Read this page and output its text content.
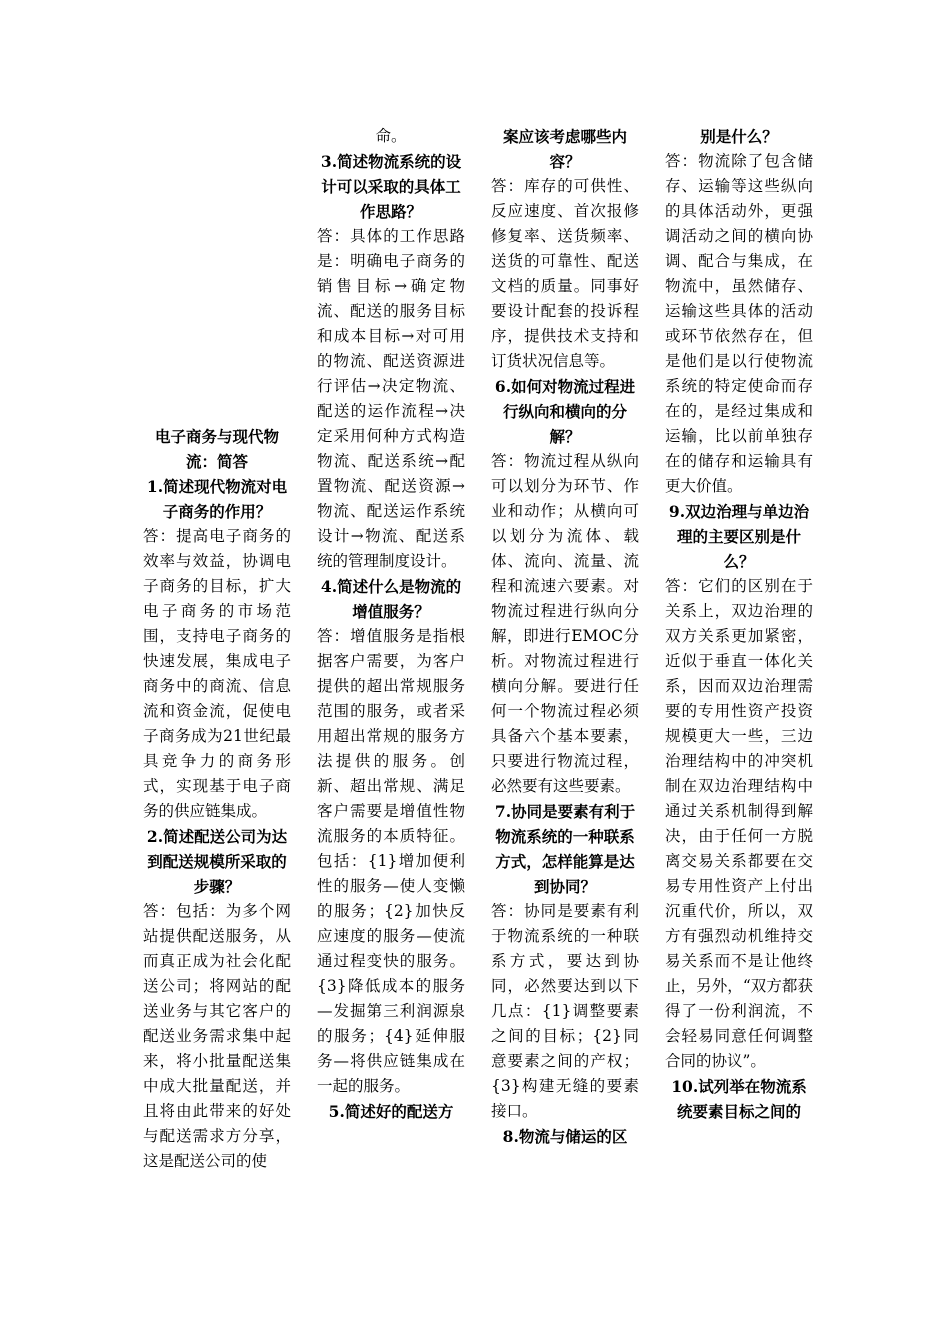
电子商务与现代物流：简答

1.简述现代物流对电子商务的作用？

答：提高电子商务的效率与效益，协调电子商务的目标，扩大电子商务的市场范围，支持电子商务的快速发展，集成电子商务中的商流、信息流和资金流，促使电子商务成为21世纪最具竞争力的商务形式，实现基于电子商务的供应链集成。

2.简述配送公司为达到配送规模所采取的步骤？

答：包括：为多个网站提供配送服务，从而真正成为社会化配送公司；将网站的配送业务与其它客户的配送业务需求集中起来，将小批量配送集中成大批量配送，并且将由此带来的好处与配送需求方分享，这是配送公司的使

命。

3.简述物流系统的设计可以采取的具体工作思路？

答：具体的工作思路是：明确电子商务的销售目标→确定物流、配送的服务目标和成本目标→对可用的物流、配送资源进行评估→决定物流、配送的运作流程→决定采用何种方式构造物流、配送系统→配置物流、配送资源→物流、配送运作系统设计→物流、配送系统的管理制度设计。

4.简述什么是物流的增值服务？

答：增值服务是指根据客户需要，为客户提供的超出常规服务范围的服务，或者采用超出常规的服务方法提供的服务。创新、超出常规、满足客户需要是增值性物流服务的本质特征。包括：{1}增加便利性的服务—使人变懒的服务；{2}加快反应速度的服务—使流通过程变快的服务。{3}降低成本的服务—发掘第三利润源泉的服务；{4}延伸服务—将供应链集成在一起的服务。

5.简述好的配送方

案应该考虑哪些内容？

答：库存的可供性、反应速度、首次报修修复率、送货频率、送货的可靠性、配送文档的质量。同事好要设计配套的投诉程序，提供技术支持和订货状况信息等。

6.如何对物流过程进行纵向和横向的分解？

答：物流过程从纵向可以划分为环节、作业和动作；从横向可以划分为流体、载体、流向、流量、流程和流速六要素。对物流过程进行纵向分解，即进行EMOC分析。对物流过程进行横向分解。要进行任何一个物流过程必须具备六个基本要素，只要进行物流过程，必然要有这些要素。

7.协同是要素有利于物流系统的一种联系方式，怎样能算是达到协同？

答：协同是要素有利于物流系统的一种联系方式，要达到协同，必然要达到以下几点：{1}调整要素之间的目标；{2}同意要素之间的产权；{3}构建无缝的要素接口。

8.物流与储运的区

别是什么？

答：物流除了包含储存、运输等这些纵向的具体活动外，更强调活动之间的横向协调、配合与集成，在物流中，虽然储存、运输这些具体的活动或环节依然存在，但是他们是以行使物流系统的特定使命而存在的，是经过集成和运输，比以前单独存在的储存和运输具有更大价值。

9.双边治理与单边治理的主要区别是什么？

答：它们的区别在于关系上，双边治理的双方关系更加紧密，近似于垂直一体化关系，因而双边治理需要的专用性资产投资规模更大一些，三边治理结构中的冲突机制在双边治理结构中通过关系机制得到解决，由于任何一方脱离交易关系都要在交易专用性资产上付出沉重代价，所以，双方有强烈动机维持交易关系而不是让他终止，另外，“双方都获得了一份利润流，不会轻易同意任何调整合同的协议”。

10.试列举在物流系统要素目标之间的
